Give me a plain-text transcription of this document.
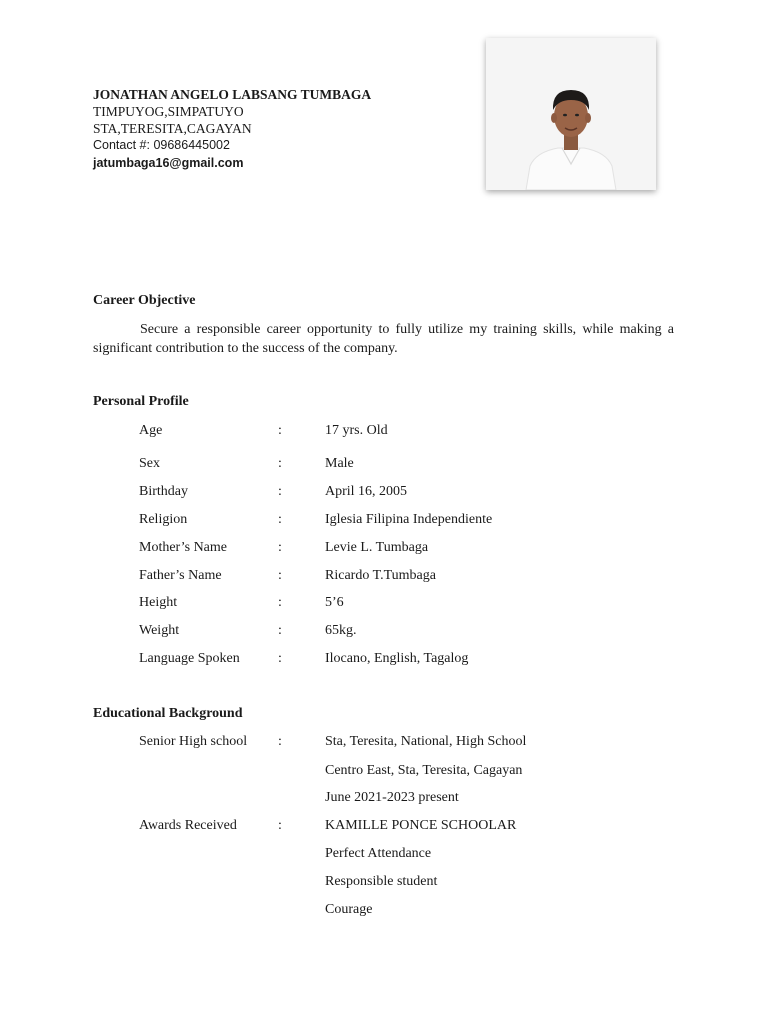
JONATHAN ANGELO LABSANG TUMBAGA
TIMPUYOG,SIMPATUYO
STA,TERESITA,CAGAYAN
Contact #: 09686445002
jatumbaga16@gmail.com
Career Objective
Secure a responsible career opportunity to fully utilize my training skills, while making a significant contribution to the success of the company.
Personal Profile
Age	:	17 yrs. Old
Sex	:	Male
Birthday	:	April 16, 2005
Religion	:	Iglesia Filipina Independiente
Mother’s Name	:	Levie L. Tumbaga
Father’s Name	:	Ricardo T.Tumbaga
Height	:	5’6
Weight	:	65kg.
Language Spoken	:	Ilocano, English, Tagalog
Educational Background
Senior High school :	Sta, Teresita, National, High School
Centro East, Sta, Teresita, Cagayan
June 2021-2023 present
Awards Received	:	KAMILLE PONCE SCHOOLAR
Perfect Attendance
Responsible student
Courage
